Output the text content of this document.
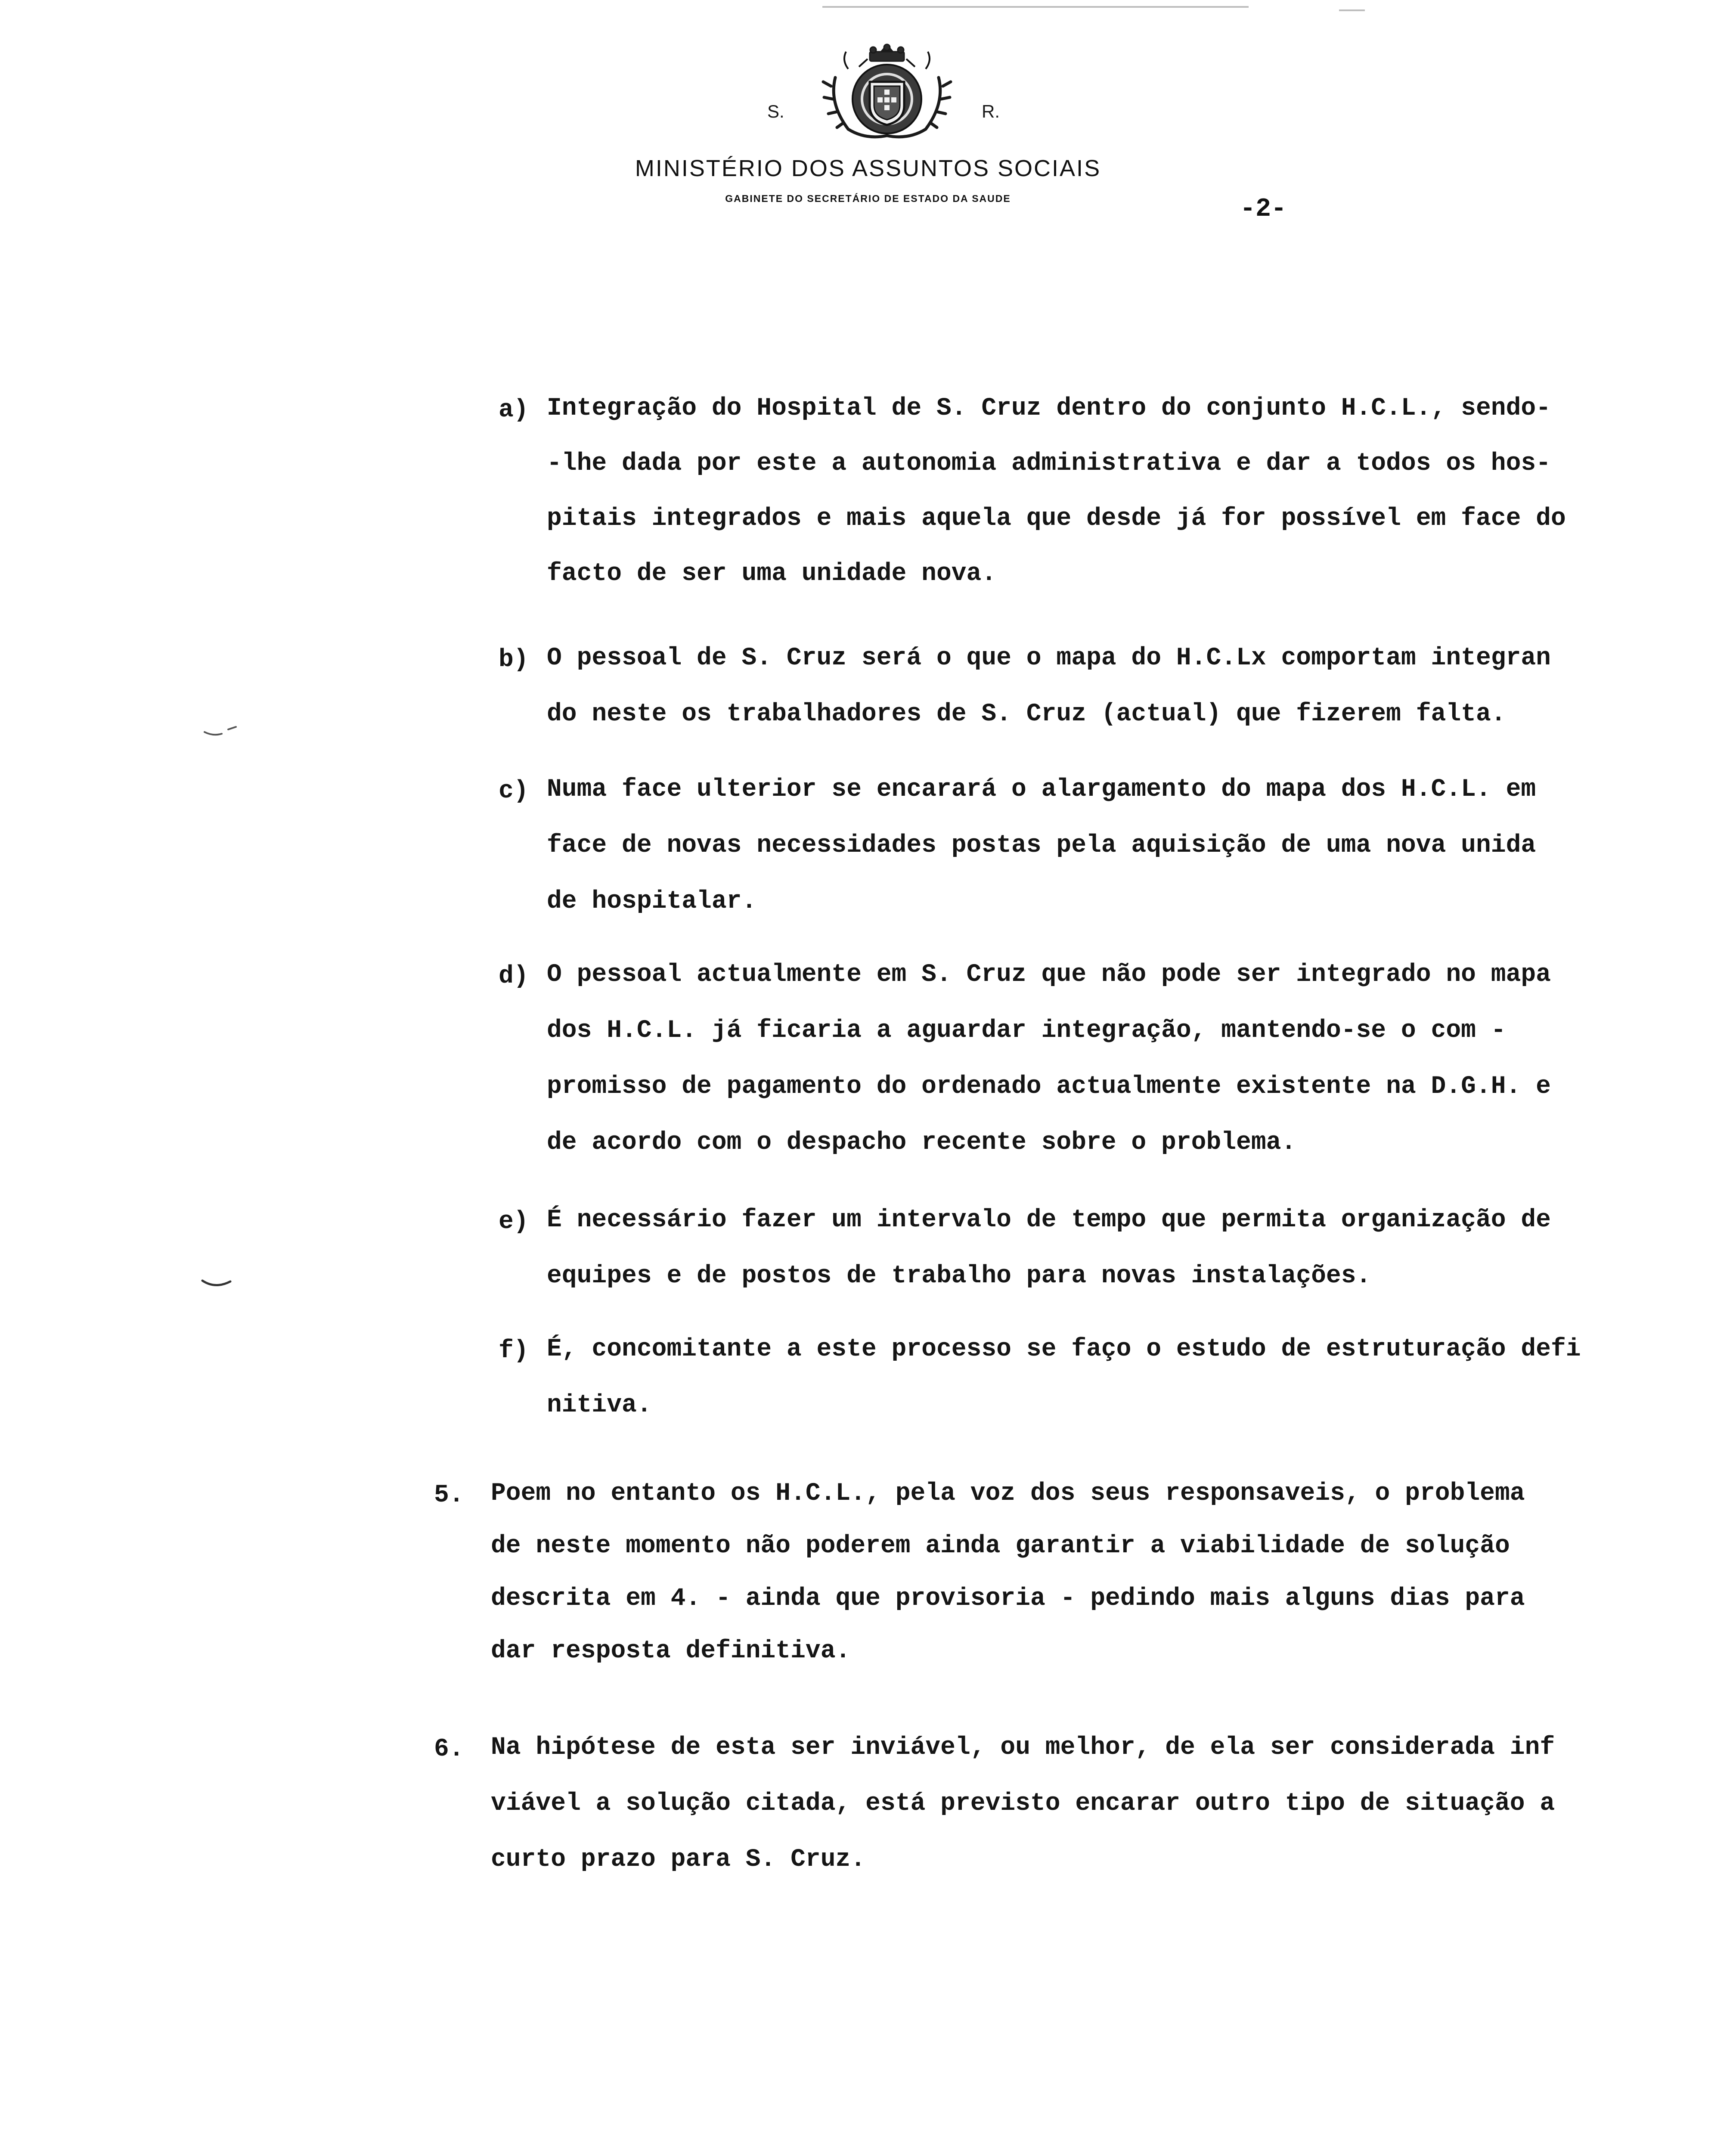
S.	R.
MINISTÉRIO DOS ASSUNTOS SOCIAIS
GABINETE DO SECRETÁRIO DE ESTADO DA SAUDE	-2-
a) Integração do Hospital de S. Cruz dentro do conjunto H.C.L., sendo-
-lhe dada por este a autonomia administrativa e dar a todos os hos-
pitais integrados e mais aquela que desde já for possível em face do
facto de ser uma unidade nova.
b) O pessoal de S. Cruz será o que o mapa do H.C.Lx comportam integran
do neste os trabalhadores de S. Cruz (actual) que fizerem falta.
c) Numa face ulterior se encarará o alargamento do mapa dos H.C.L. em
face de novas necessidades postas pela aquisição de uma nova unida
de hospitalar.
d) O pessoal actualmente em S. Cruz que não pode ser integrado no mapa
dos H.C.L. já ficaria a aguardar integração, mantendo-se o com -
promisso de pagamento do ordenado actualmente existente na D.G.H. e
de acordo com o despacho recente sobre o problema.
e) É necessário fazer um intervalo de tempo que permita organização de
equipes e de postos de trabalho para novas instalações.
f) É, concomitante a este processo se faço o estudo de estruturação defi
nitiva.
5. Poem no entanto os H.C.L., pela voz dos seus responsaveis, o problema
de neste momento não poderem ainda garantir a viabilidade de solução
descrita em 4. - ainda que provisoria - pedindo mais alguns dias para
dar resposta definitiva.
6. Na hipótese de esta ser inviável, ou melhor, de ela ser considerada inf
viável a solução citada, está previsto encarar outro tipo de situação a
curto prazo para S. Cruz.
